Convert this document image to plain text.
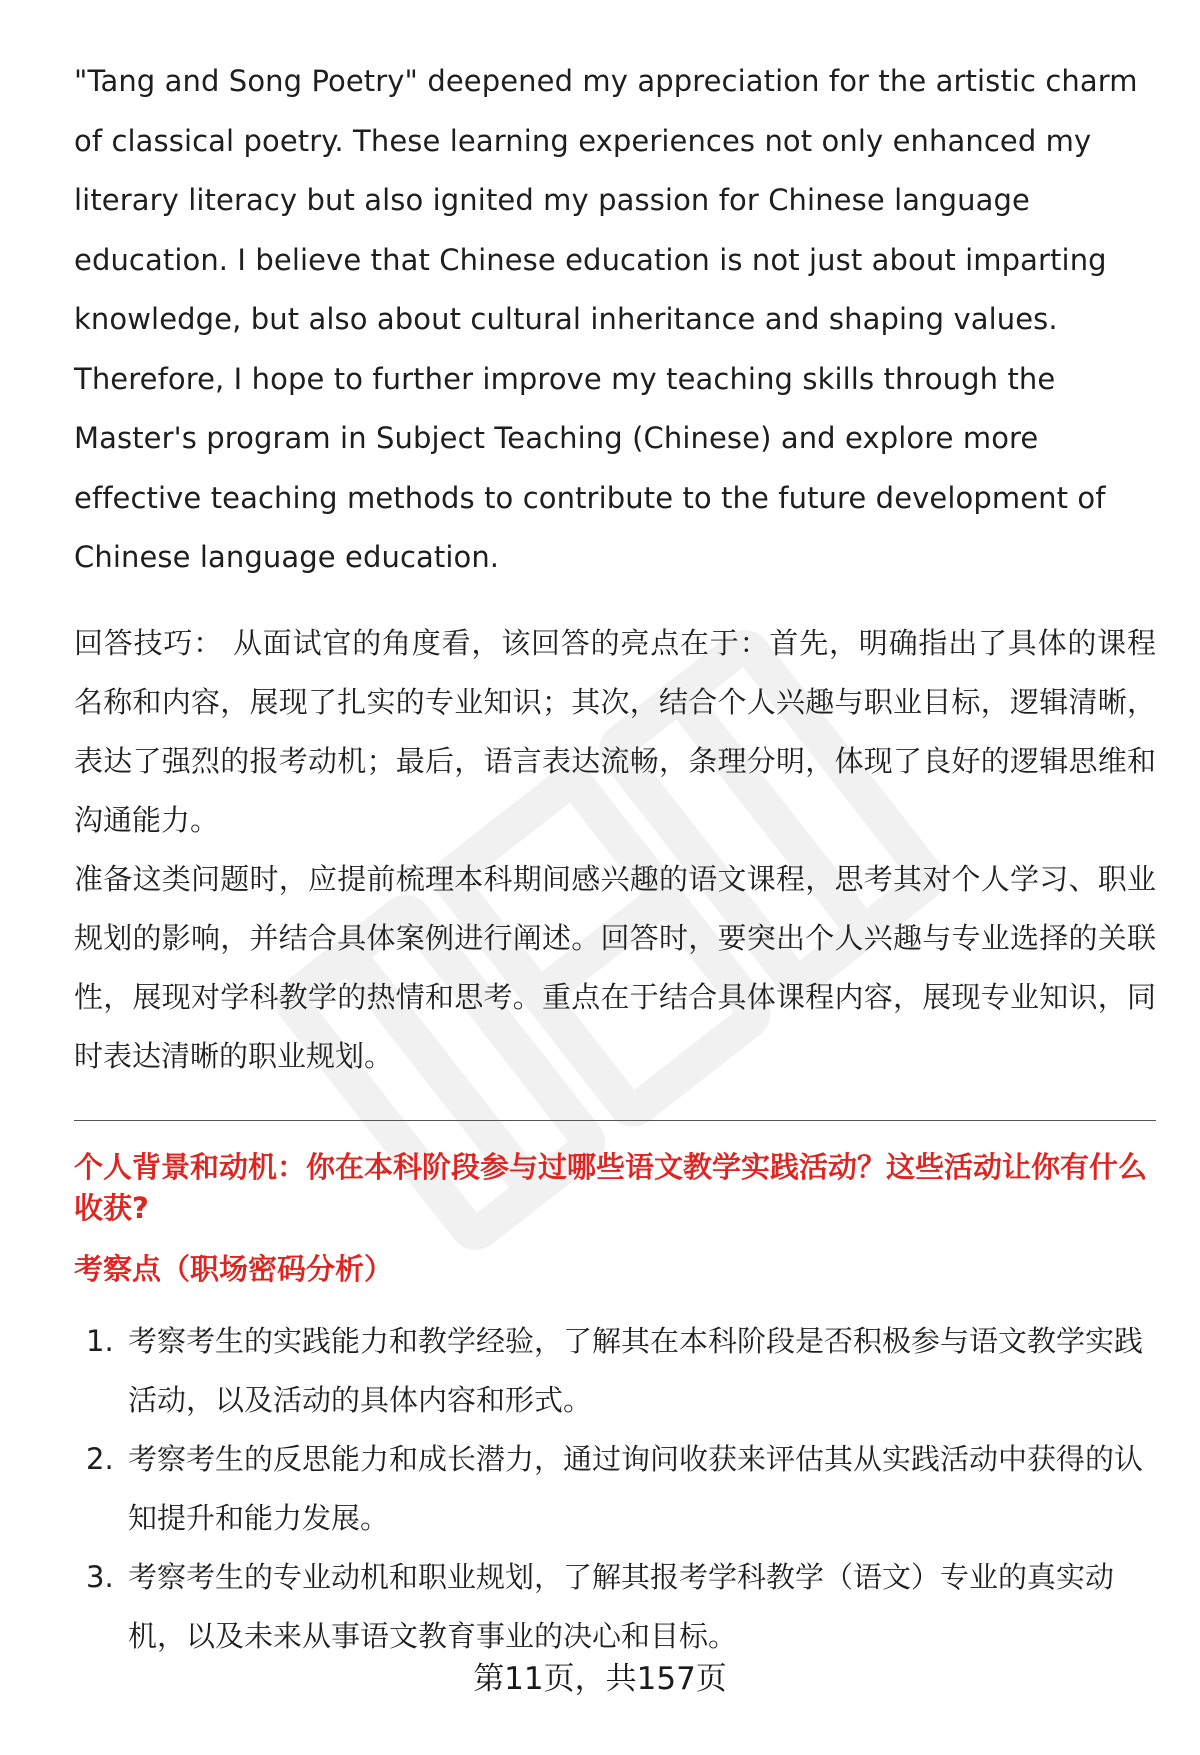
"Tang and Song Poetry" deepened my appreciation for the artistic charm of classical poetry. These learning experiences not only enhanced my literary literacy but also ignited my passion for Chinese language education. I believe that Chinese education is not just about imparting knowledge, but also about cultural inheritance and shaping values. Therefore, I hope to further improve my teaching skills through the Master's program in Subject Teaching (Chinese) and explore more effective teaching methods to contribute to the future development of Chinese language education.

回答技巧： 从面试官的角度看，该回答的亮点在于：首先，明确指出了具体的课程名称和内容，展现了扎实的专业知识；其次，结合个人兴趣与职业目标，逻辑清晰，表达了强烈的报考动机；最后，语言表达流畅，条理分明，体现了良好的逻辑思维和沟通能力。

准备这类问题时，应提前梳理本科期间感兴趣的语文课程，思考其对个人学习、职业规划的影响，并结合具体案例进行阐述。回答时，要突出个人兴趣与专业选择的关联性，展现对学科教学的热情和思考。重点在于结合具体课程内容，展现专业知识，同时表达清晰的职业规划。

个人背景和动机：你在本科阶段参与过哪些语文教学实践活动？这些活动让你有什么收获?

考察点（职场密码分析）

1. 考察考生的实践能力和教学经验，了解其在本科阶段是否积极参与语文教学实践活动，以及活动的具体内容和形式。
2. 考察考生的反思能力和成长潜力，通过询问收获来评估其从实践活动中获得的认知提升和能力发展。
3. 考察考生的专业动机和职业规划，了解其报考学科教学（语文）专业的真实动机，以及未来从事语文教育事业的决心和目标。
第11页，共157页
